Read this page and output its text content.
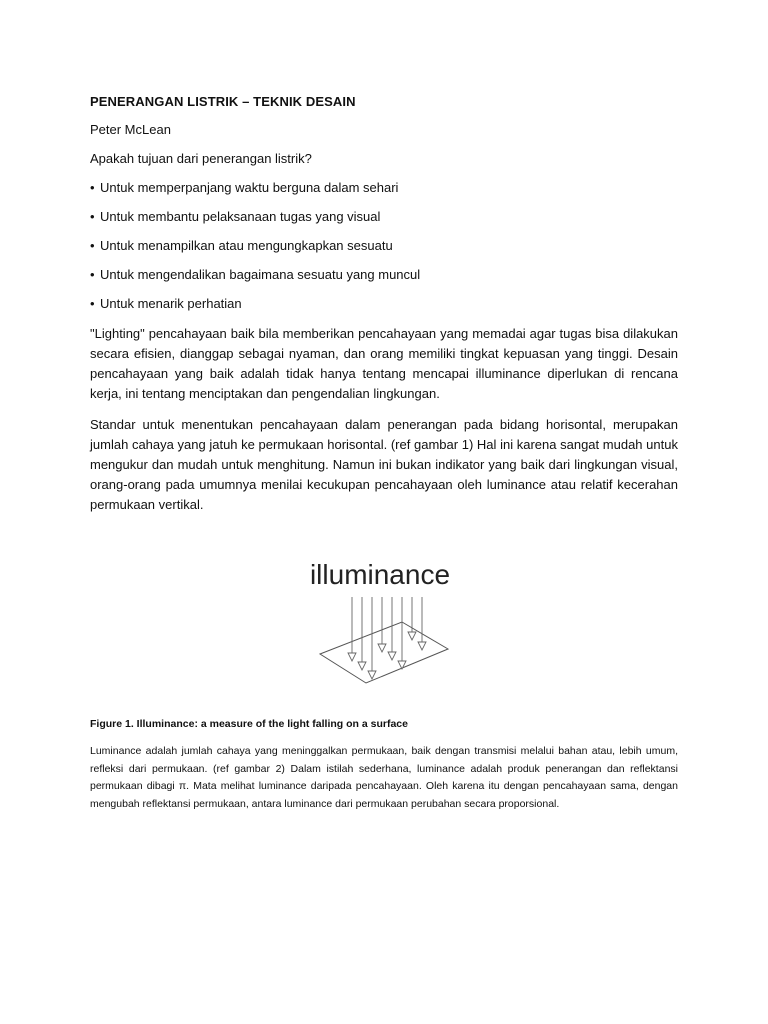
PENERANGAN LISTRIK – TEKNIK DESAIN
Peter McLean
Apakah tujuan dari penerangan listrik?
• Untuk memperpanjang waktu berguna dalam sehari
• Untuk membantu pelaksanaan tugas yang visual
• Untuk menampilkan atau mengungkapkan sesuatu
• Untuk mengendalikan bagaimana sesuatu yang muncul
• Untuk menarik perhatian

"Lighting" pencahayaan baik bila memberikan pencahayaan yang memadai agar tugas bisa dilakukan secara efisien, dianggap sebagai nyaman, dan orang memiliki tingkat kepuasan yang tinggi. Desain pencahayaan yang baik adalah tidak hanya tentang mencapai illuminance diperlukan di rencana kerja, ini tentang menciptakan dan pengendalian lingkungan.

Standar untuk menentukan pencahayaan dalam penerangan pada bidang horisontal, merupakan jumlah cahaya yang jatuh ke permukaan horisontal. (ref gambar 1) Hal ini karena sangat mudah untuk mengukur dan mudah untuk menghitung. Namun ini bukan indikator yang baik dari lingkungan visual, orang-orang pada umumnya menilai kecukupan pencahayaan oleh luminance atau relatif kecerahan permukaan vertikal.

illuminance
Figure 1. Illuminance: a measure of the light falling on a surface

Luminance adalah jumlah cahaya yang meninggalkan permukaan, baik dengan transmisi melalui bahan atau, lebih umum, refleksi dari permukaan. (ref gambar 2) Dalam istilah sederhana, luminance adalah produk penerangan dan reflektansi permukaan dibagi π. Mata melihat luminance daripada pencahayaan. Oleh karena itu dengan pencahayaan sama, dengan mengubah reflektansi permukaan, antara luminance dari permukaan perubahan secara proporsional.
